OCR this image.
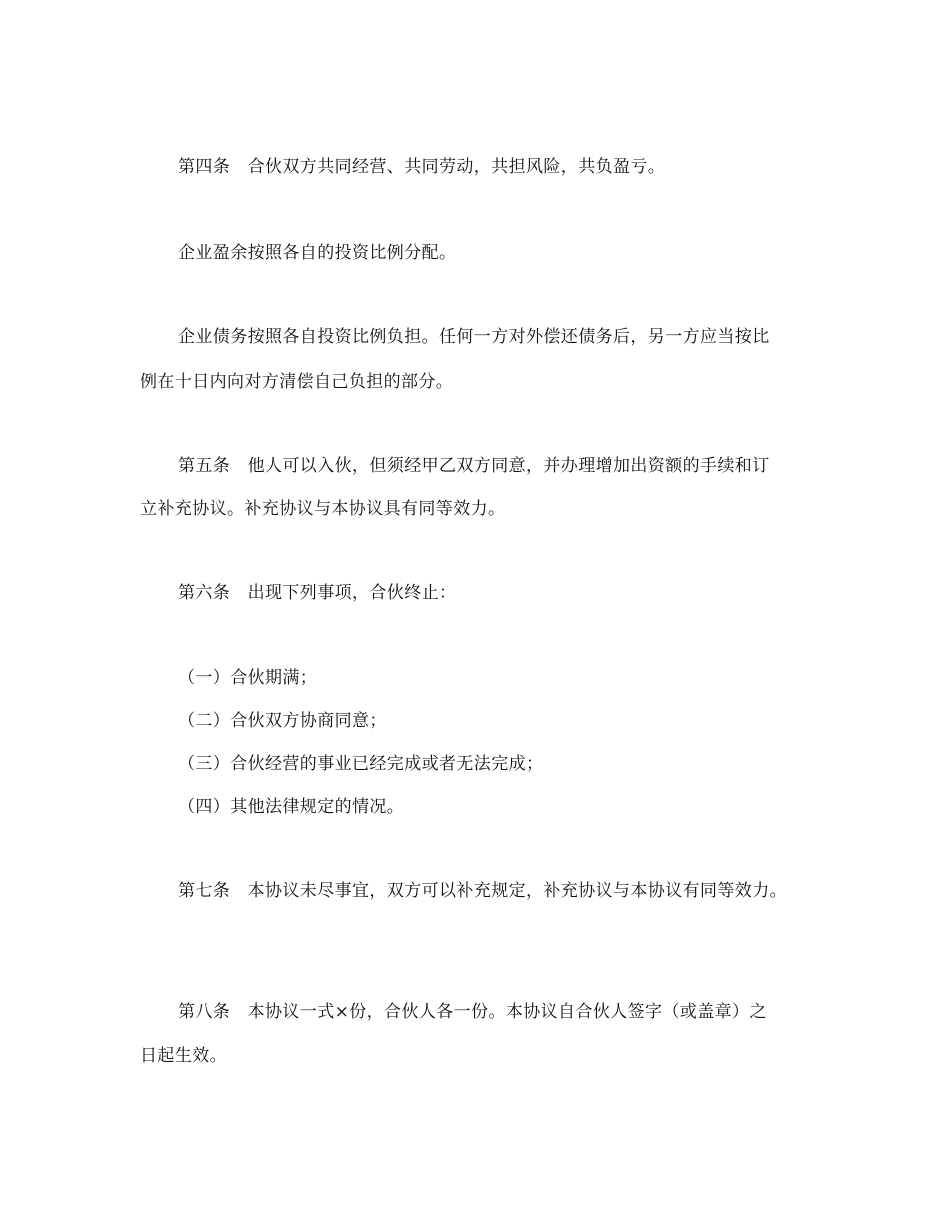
第四条　合伙双方共同经营、共同劳动，共担风险，共负盈亏。
企业盈余按照各自的投资比例分配。
企业债务按照各自投资比例负担。任何一方对外偿还债务后，另一方应当按比
例在十日内向对方清偿自己负担的部分。
第五条　他人可以入伙，但须经甲乙双方同意，并办理增加出资额的手续和订
立补充协议。补充协议与本协议具有同等效力。
第六条　出现下列事项，合伙终止：
（一）合伙期满；
（二）合伙双方协商同意；
（三）合伙经营的事业已经完成或者无法完成；
（四）其他法律规定的情况。
第七条　本协议未尽事宜，双方可以补充规定，补充协议与本协议有同等效力。
第八条　本协议一式×份，合伙人各一份。本协议自合伙人签字（或盖章）之
日起生效。
